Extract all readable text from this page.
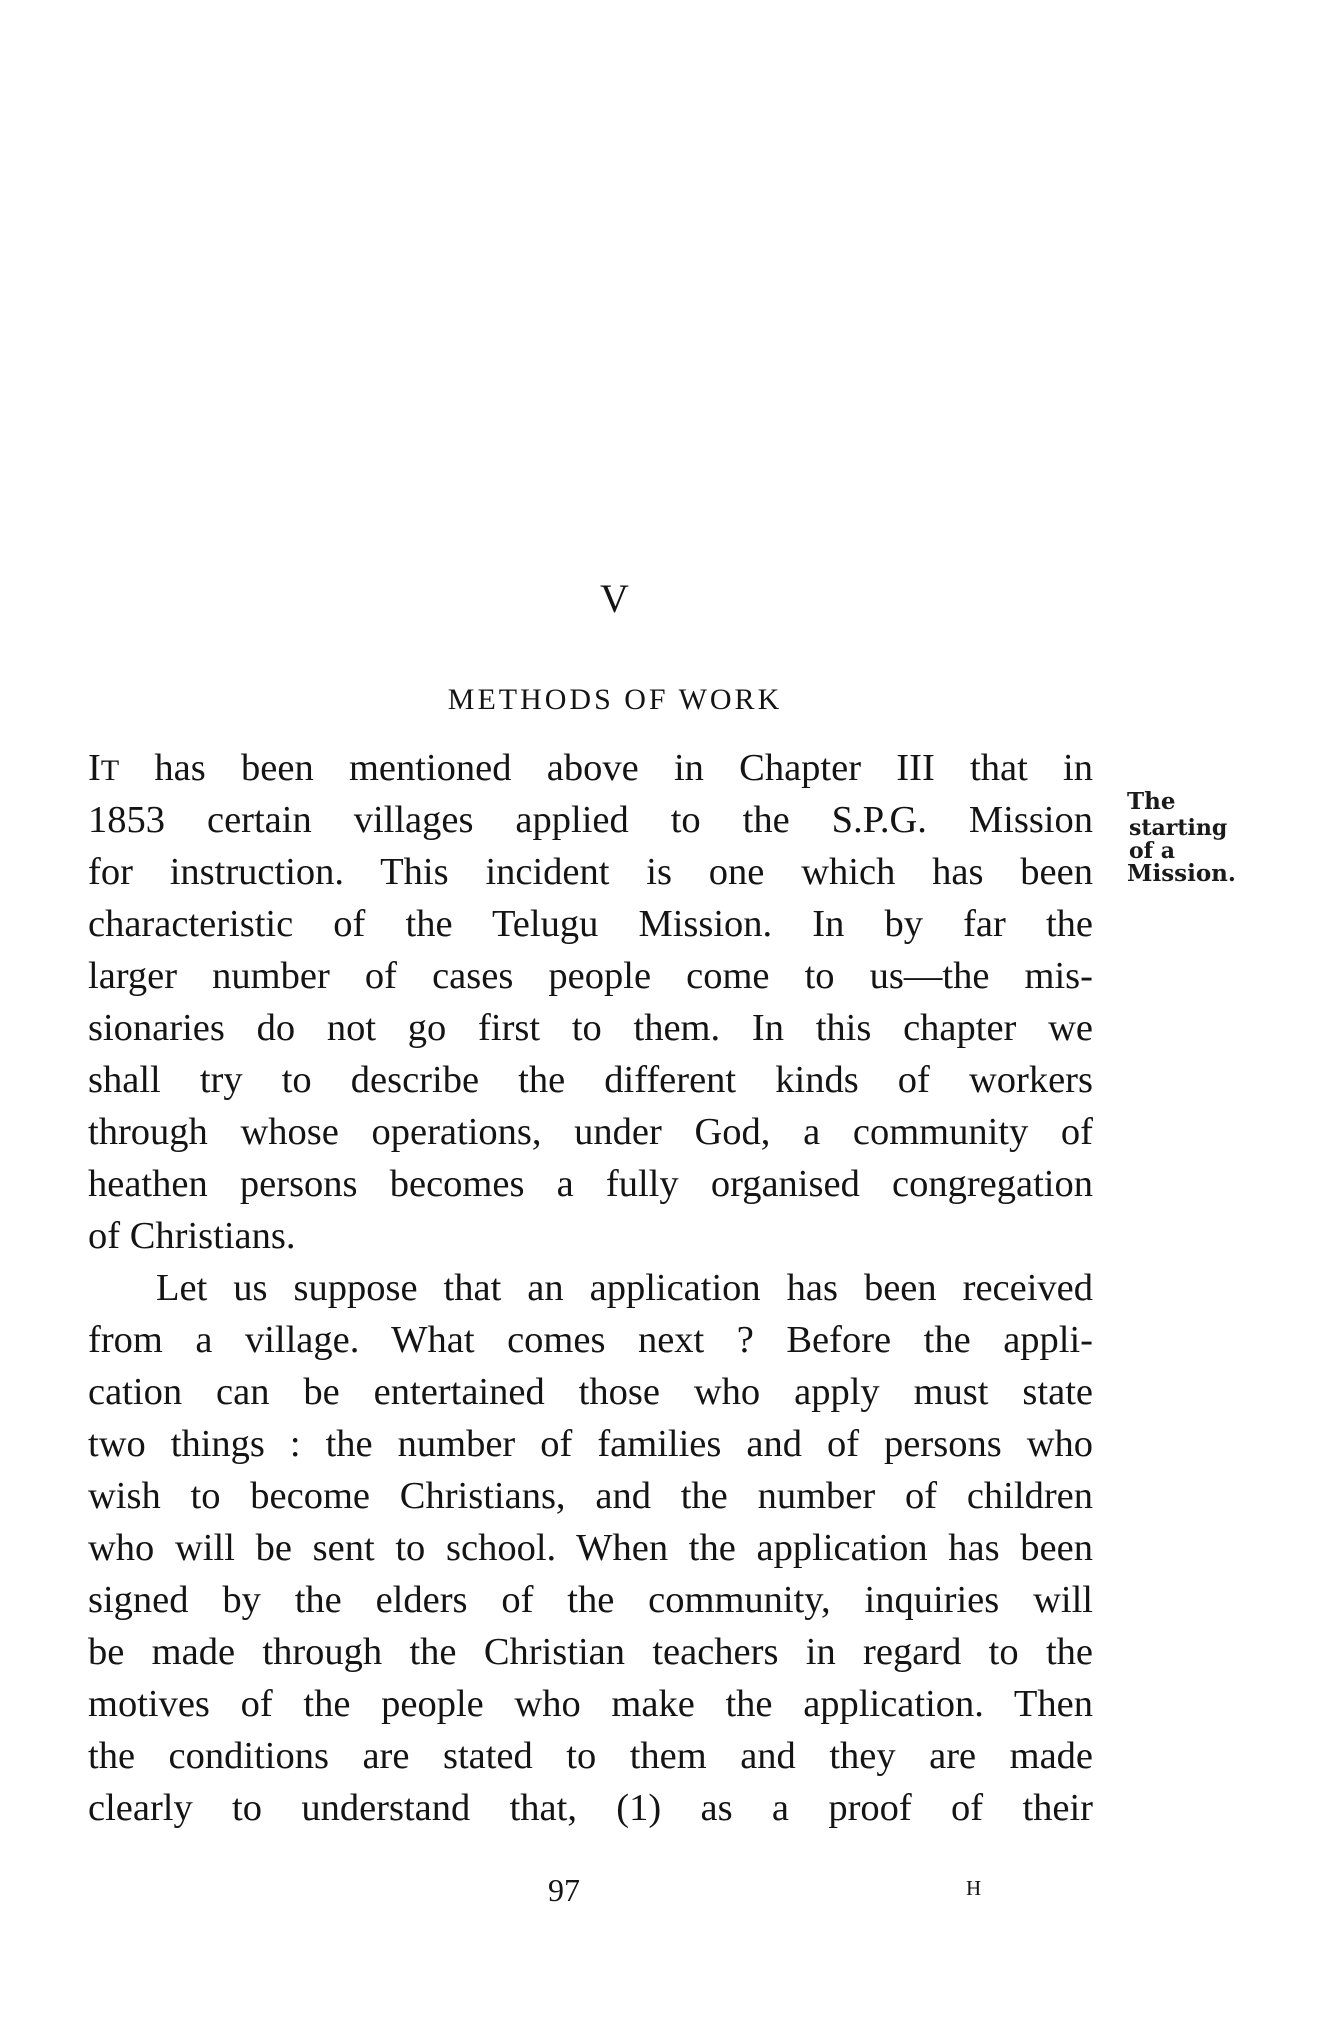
V
METHODS OF WORK
The
starting
of a
Mission.
IT has been mentioned above in Chapter III that in
1853 certain villages applied to the S.P.G. Mission
for instruction. This incident is one which has been
characteristic of the Telugu Mission. In by far the
larger number of cases people come to us—the mis-
sionaries do not go first to them. In this chapter we
shall try to describe the different kinds of workers
through whose operations, under God, a community of
heathen persons becomes a fully organised congregation
of Christians.
Let us suppose that an application has been received
from a village. What comes next ? Before the appli-
cation can be entertained those who apply must state
two things : the number of families and of persons who
wish to become Christians, and the number of children
who will be sent to school. When the application has been
signed by the elders of the community, inquiries will
be made through the Christian teachers in regard to the
motives of the people who make the application. Then
the conditions are stated to them and they are made
clearly to understand that, (1) as a proof of their
97	H
